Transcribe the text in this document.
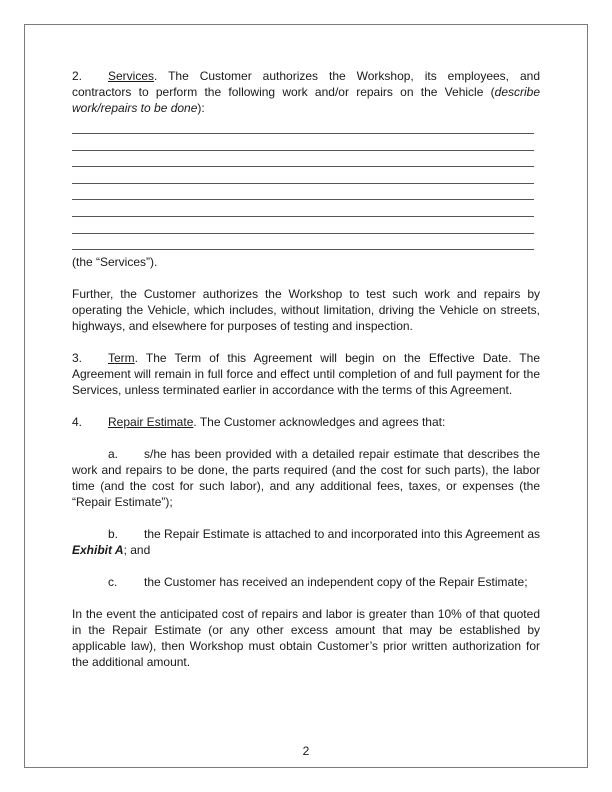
2. Services. The Customer authorizes the Workshop, its employees, and contractors to perform the following work and/or repairs on the Vehicle (describe work/repairs to be done):
(the “Services”).
Further, the Customer authorizes the Workshop to test such work and repairs by operating the Vehicle, which includes, without limitation, driving the Vehicle on streets, highways, and elsewhere for purposes of testing and inspection.
3. Term. The Term of this Agreement will begin on the Effective Date. The Agreement will remain in full force and effect until completion of and full payment for the Services, unless terminated earlier in accordance with the terms of this Agreement.
4. Repair Estimate. The Customer acknowledges and agrees that:
a. s/he has been provided with a detailed repair estimate that describes the work and repairs to be done, the parts required (and the cost for such parts), the labor time (and the cost for such labor), and any additional fees, taxes, or expenses (the “Repair Estimate”);
b. the Repair Estimate is attached to and incorporated into this Agreement as Exhibit A; and
c. the Customer has received an independent copy of the Repair Estimate;
In the event the anticipated cost of repairs and labor is greater than 10% of that quoted in the Repair Estimate (or any other excess amount that may be established by applicable law), then Workshop must obtain Customer’s prior written authorization for the additional amount.
2
